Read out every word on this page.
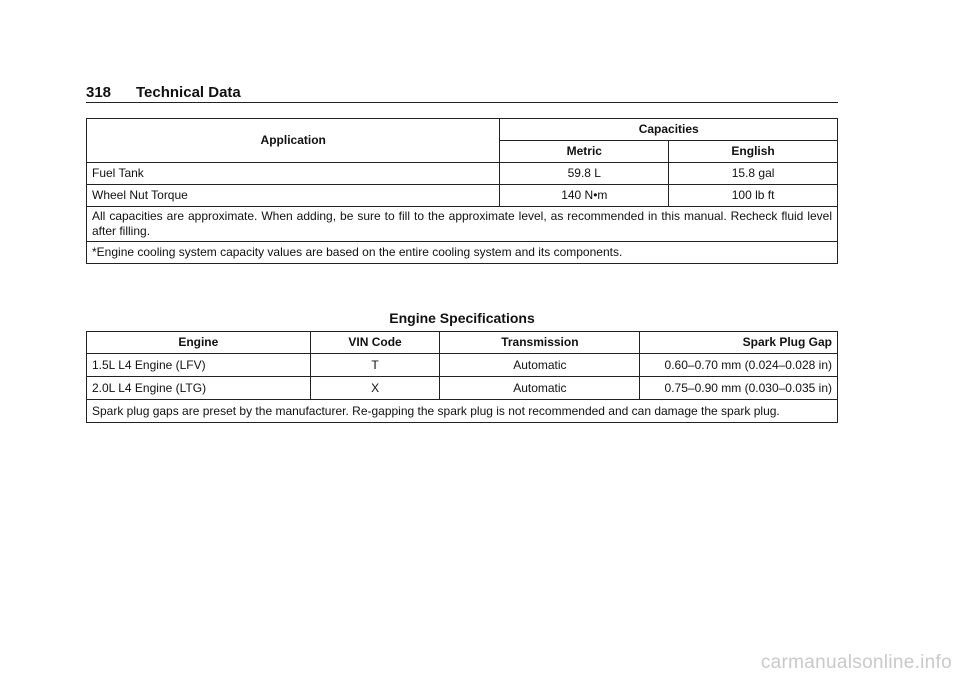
318 Technical Data
Application	Capacities	
	Metric	English
Fuel Tank	59.8 L	15.8 gal
Wheel Nut Torque	140 N•m	100 lb ft
All capacities are approximate. When adding, be sure to fill to the approximate level, as recommended in this manual. Recheck fluid level after filling.		
*Engine cooling system capacity values are based on the entire cooling system and its components.		
Engine Specifications
Engine	VIN Code	Transmission	Spark Plug Gap
1.5L L4 Engine (LFV)	T	Automatic	0.60–0.70 mm (0.024–0.028 in)
2.0L L4 Engine (LTG)	X	Automatic	0.75–0.90 mm (0.030–0.035 in)
Spark plug gaps are preset by the manufacturer. Re-gapping the spark plug is not recommended and can damage the spark plug.			
carmanualsonline.info
